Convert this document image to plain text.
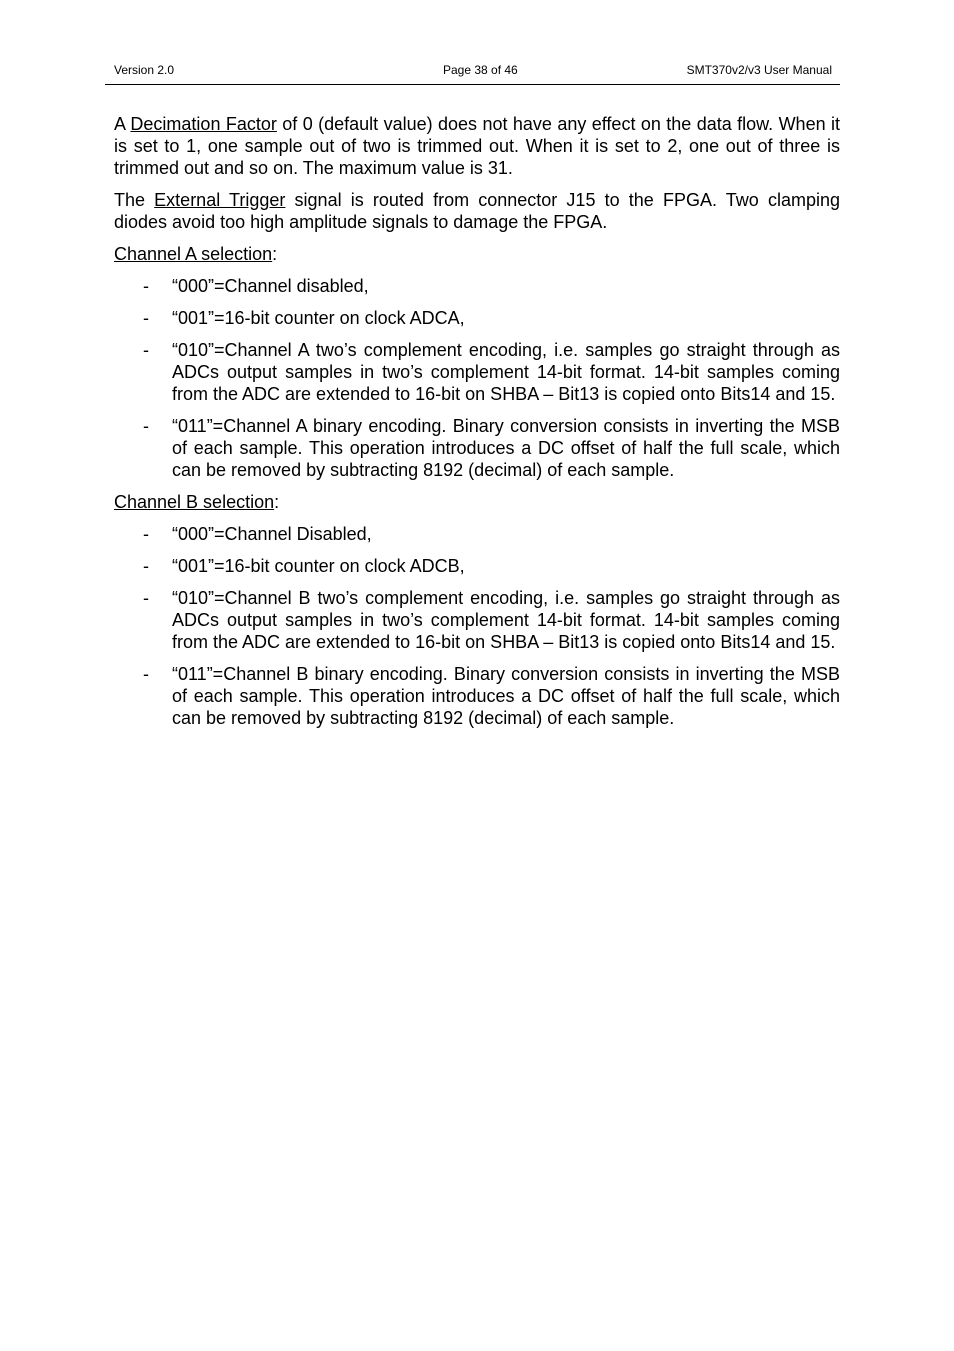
Version 2.0	Page 38 of 46	SMT370v2/v3 User Manual

A Decimation Factor of 0 (default value) does not have any effect on the data flow. When it is set to 1, one sample out of two is trimmed out. When it is set to 2, one out of three is trimmed out and so on. The maximum value is 31.

The External Trigger signal is routed from connector J15 to the FPGA. Two clamping diodes avoid too high amplitude signals to damage the FPGA.

Channel A selection:
- “000”=Channel disabled,
- “001”=16-bit counter on clock ADCA,
- “010”=Channel A two’s complement encoding, i.e. samples go straight through as ADCs output samples in two’s complement 14-bit format. 14-bit samples coming from the ADC are extended to 16-bit on SHBA – Bit13 is copied onto Bits14 and 15.
- “011”=Channel A binary encoding. Binary conversion consists in inverting the MSB of each sample. This operation introduces a DC offset of half the full scale, which can be removed by subtracting 8192 (decimal) of each sample.
Channel B selection:
- “000”=Channel Disabled,
- “001”=16-bit counter on clock ADCB,
- “010”=Channel B two’s complement encoding, i.e. samples go straight through as ADCs output samples in two’s complement 14-bit format. 14-bit samples coming from the ADC are extended to 16-bit on SHBA – Bit13 is copied onto Bits14 and 15.
- “011”=Channel B binary encoding. Binary conversion consists in inverting the MSB of each sample. This operation introduces a DC offset of half the full scale, which can be removed by subtracting 8192 (decimal) of each sample.
